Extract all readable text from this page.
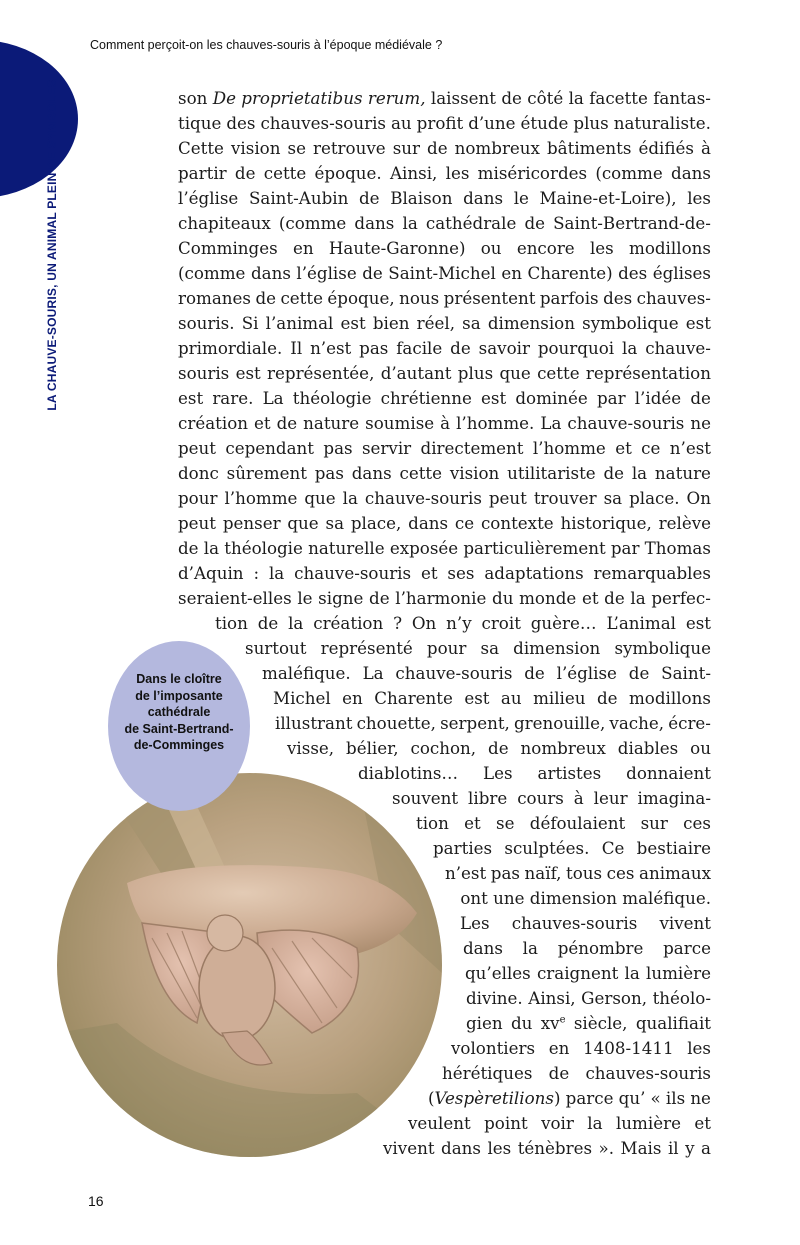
Comment perçoit-on les chauves-souris à l’époque médiévale ?
LA CHAUVE-SOURIS, UN ANIMAL PLEIN DE SYMBOLES	son De proprietatibus rerum, laissent de côté la facette fantas-
tique des chauves-souris au profit d’une étude plus naturaliste.
Cette vision se retrouve sur de nombreux bâtiments édifiés à
partir de cette époque. Ainsi, les miséricordes (comme dans
l’église Saint-Aubin de Blaison dans le Maine-et-Loire), les
chapiteaux (comme dans la cathédrale de Saint-Bertrand-de-
Comminges en Haute-Garonne) ou encore les modillons
(comme dans l’église de Saint-Michel en Charente) des églises
romanes de cette époque, nous présentent parfois des chauves-
souris. Si l’animal est bien réel, sa dimension symbolique est
primordiale. Il n’est pas facile de savoir pourquoi la chauve-
souris est représentée, d’autant plus que cette représentation
est rare. La théologie chrétienne est dominée par l’idée de
création et de nature soumise à l’homme. La chauve-souris ne
peut cependant pas servir directement l’homme et ce n’est
donc sûrement pas dans cette vision utilitariste de la nature
pour l’homme que la chauve-souris peut trouver sa place. On
peut penser que sa place, dans ce contexte historique, relève
de la théologie naturelle exposée particulièrement par Thomas
d’Aquin : la chauve-souris et ses adaptations remarquables
seraient-elles le signe de l’harmonie du monde et de la perfec-
tion de la création ? On n’y croit guère… L’animal est
surtout représenté pour sa dimension symbolique
maléfique. La chauve-souris de l’église de Saint-
Michel en Charente est au milieu de modillons
illustrant chouette, serpent, grenouille, vache, écre-
visse, bélier, cochon, de nombreux diables ou
diablotins… Les artistes donnaient
souvent libre cours à leur imagina-
tion et se défoulaient sur ces
parties sculptées. Ce bestiaire
n’est pas naïf, tous ces animaux
ont une dimension maléfique.
Les chauves-souris vivent
dans la pénombre parce
qu’elles craignent la lumière
divine. Ainsi, Gerson, théolo-
gien du $xv^e$ siècle, qualifiait
volontiers en 1408-1411 les
hérétiques de chauves-souris
(Vespèretilions) parce qu’ « ils ne
veulent point voir la lumière et
vivent dans les ténèbres ». Mais il y a
Dans le cloître
de l’imposante
cathédrale
de Saint-Bertrand-
de-Comminges
16
